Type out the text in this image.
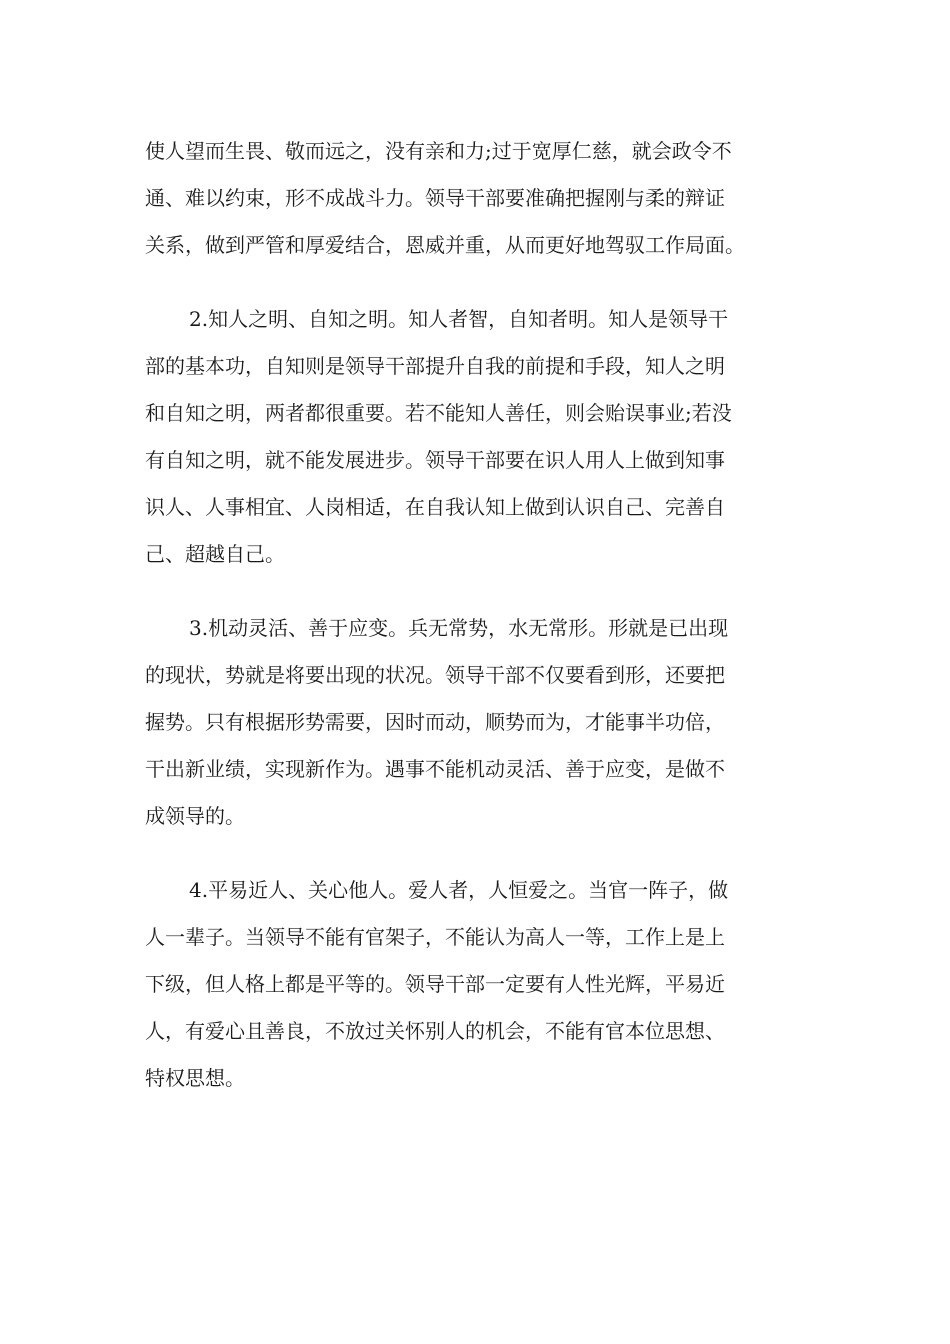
使人望而生畏、敬而远之，没有亲和力;过于宽厚仁慈，就会政令不
通、难以约束，形不成战斗力。领导干部要准确把握刚与柔的辩证
关系，做到严管和厚爱结合，恩威并重，从而更好地驾驭工作局面。
2.知人之明、自知之明。知人者智，自知者明。知人是领导干
部的基本功，自知则是领导干部提升自我的前提和手段，知人之明
和自知之明，两者都很重要。若不能知人善任，则会贻误事业;若没
有自知之明，就不能发展进步。领导干部要在识人用人上做到知事
识人、人事相宜、人岗相适，在自我认知上做到认识自己、完善自
己、超越自己。
3.机动灵活、善于应变。兵无常势，水无常形。形就是已出现
的现状，势就是将要出现的状况。领导干部不仅要看到形，还要把
握势。只有根据形势需要，因时而动，顺势而为，才能事半功倍，
干出新业绩，实现新作为。遇事不能机动灵活、善于应变，是做不
成领导的。
4.平易近人、关心他人。爱人者，人恒爱之。当官一阵子，做
人一辈子。当领导不能有官架子，不能认为高人一等，工作上是上
下级，但人格上都是平等的。领导干部一定要有人性光辉，平易近
人，有爱心且善良，不放过关怀别人的机会，不能有官本位思想、
特权思想。
